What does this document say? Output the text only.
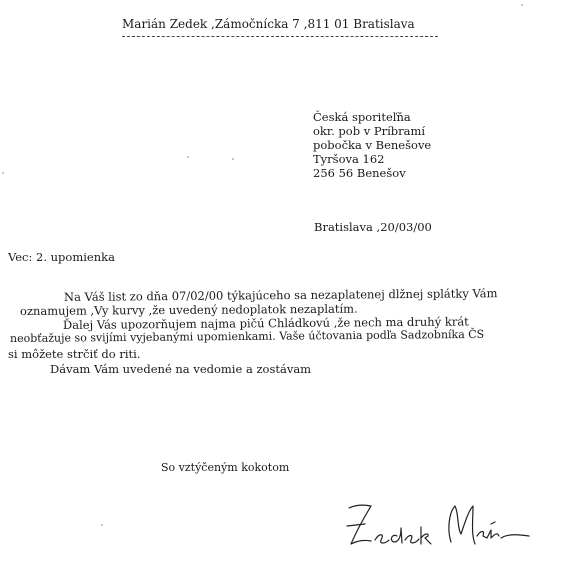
Marián Zedek ,Zámočnícka 7 ,811 01 Bratislava
Česká sporiteľňa
okr. pob v Príbramí
pobočka v Benešove
Tyršova 162
256 56 Benešov
Bratislava ,20/03/00
Vec: 2. upomienka
Na Váš list zo dňa 07/02/00 týkajúceho sa nezaplatenej dlžnej splátky Vám
oznamujem ,Vy kurvy ,že uvedený nedoplatok nezaplatím.
Ďalej Vás upozorňujem najma pičú Chládkovú ,že nech ma druhý krát
neobťažuje so svijími vyjebanými upomienkami. Vaše účtovania podľa Sadzobníka ČS
si môžete strčiť do riti.
Dávam Vám uvedené na vedomie a zostávam
So vztýčeným kokotom
